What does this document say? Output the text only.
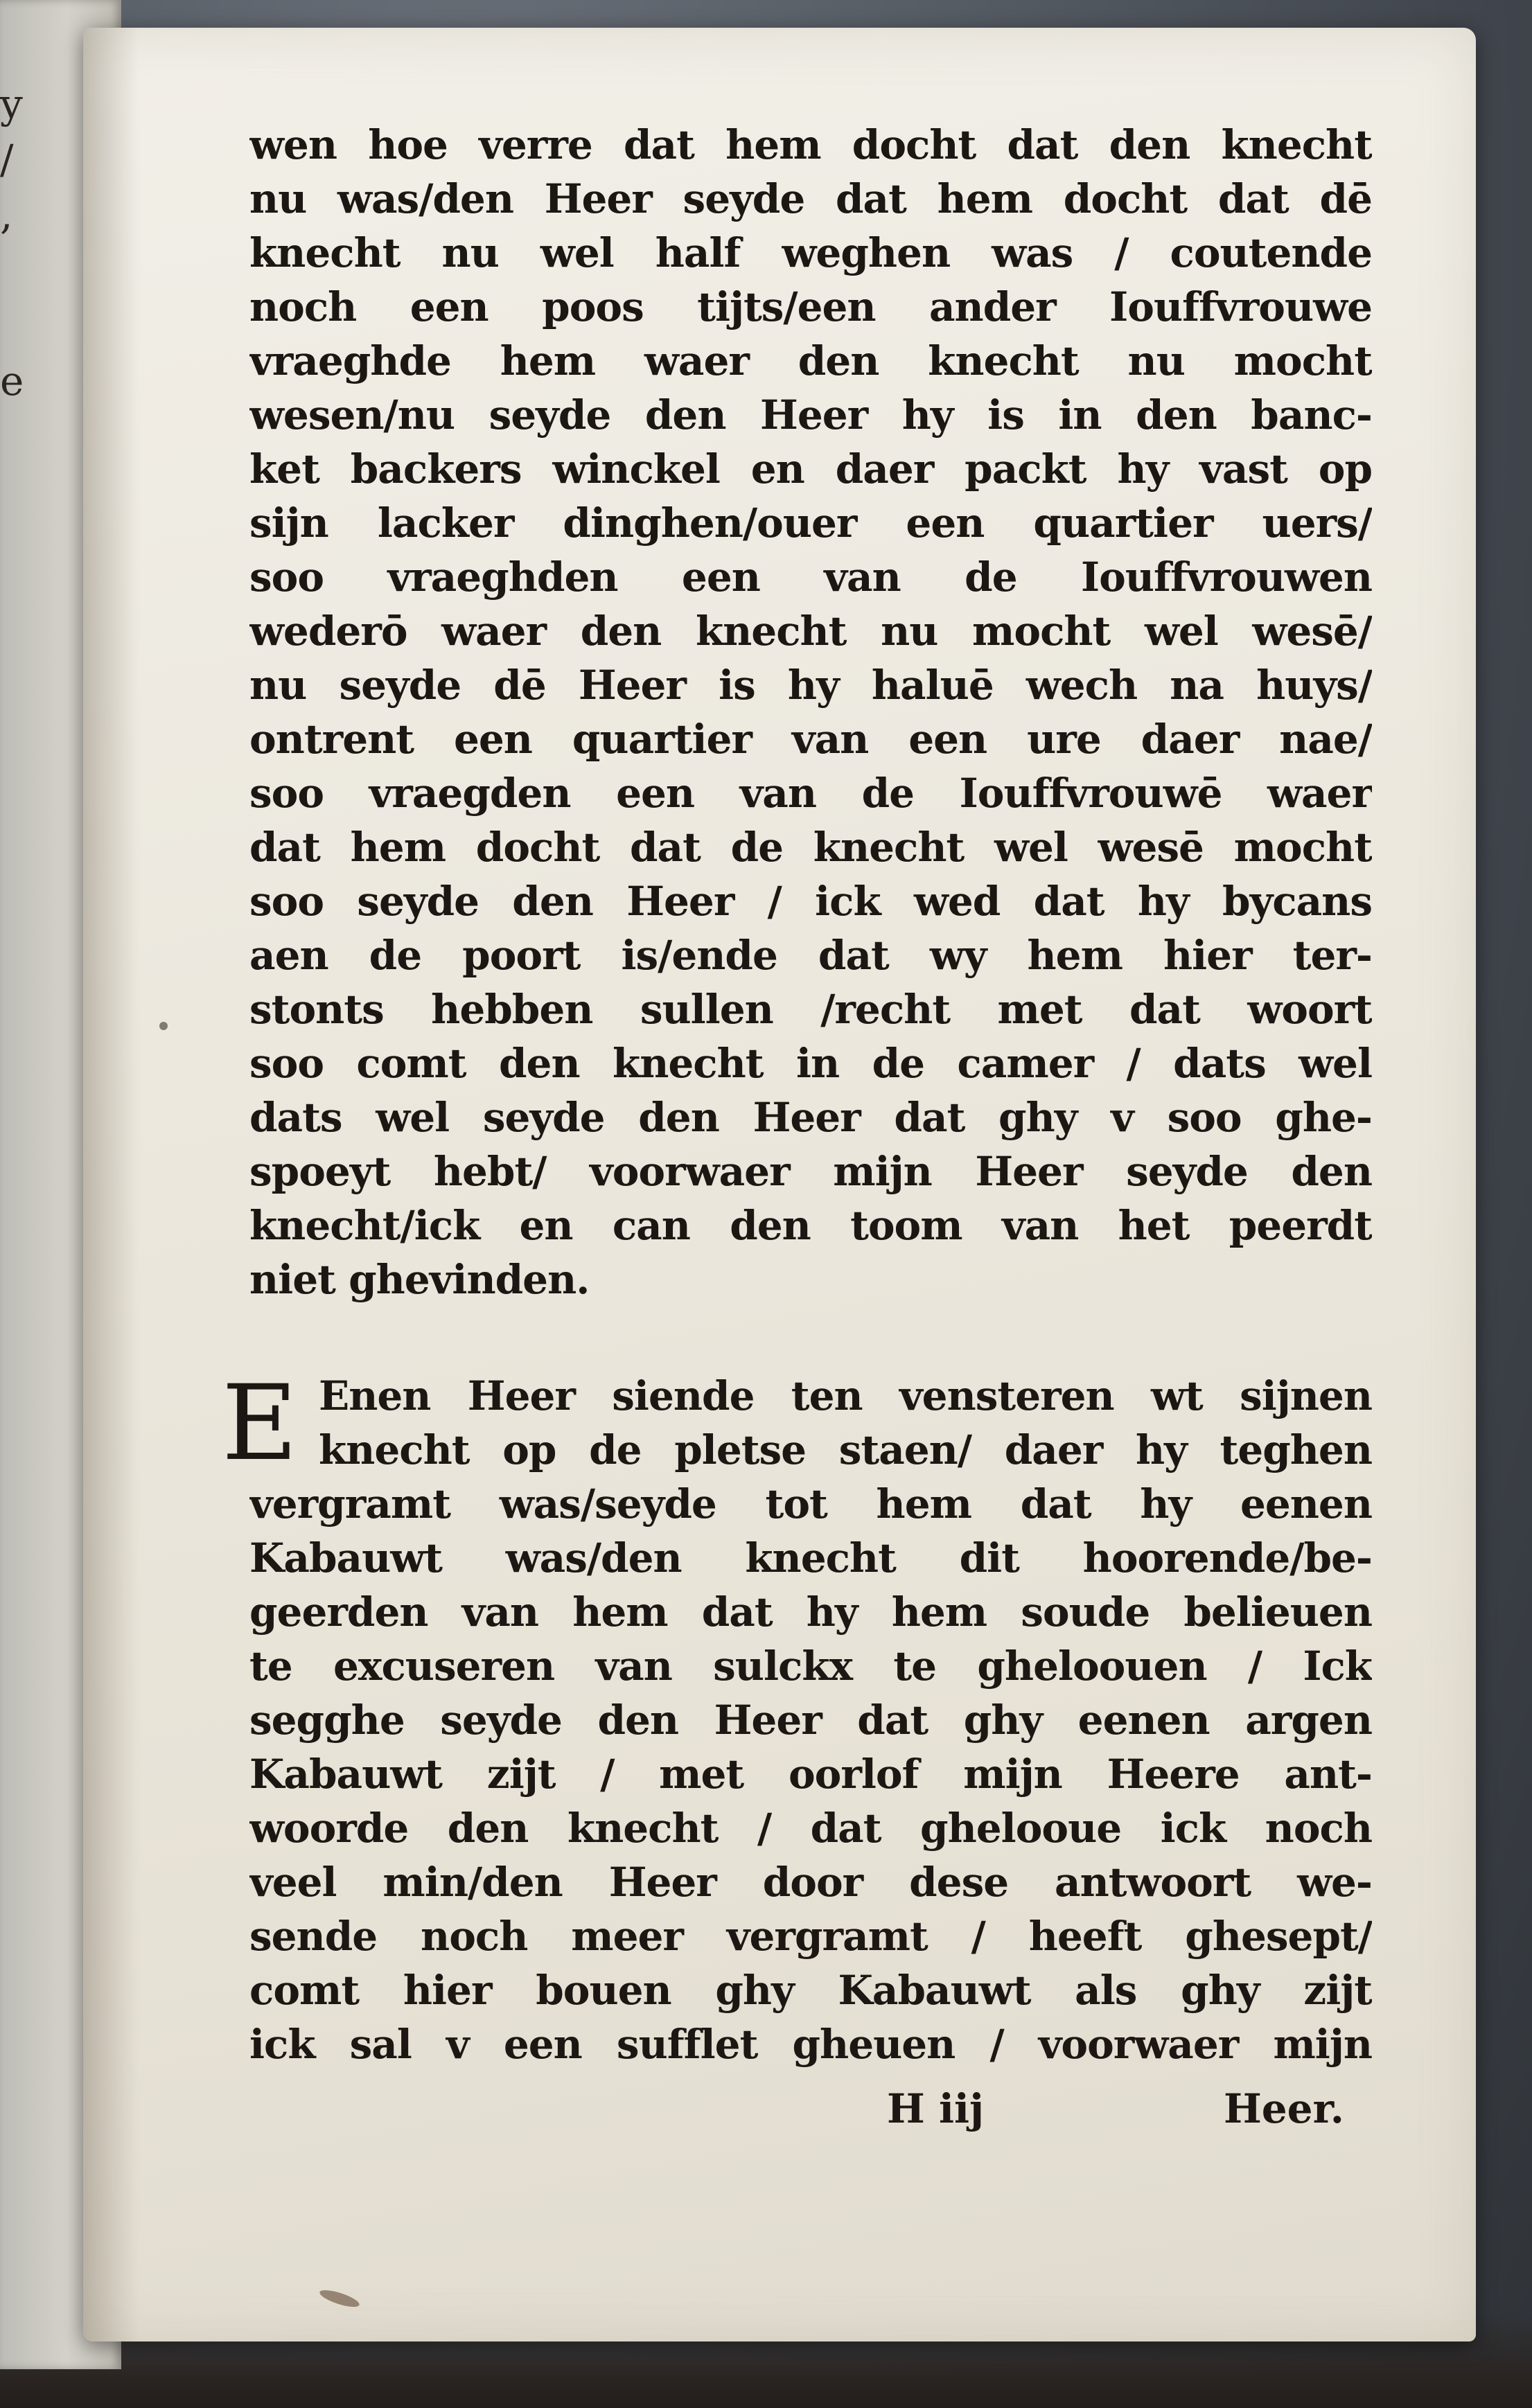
y
/
,
e
wen hoe verre dat hem docht dat den knecht
nu was/den Heer seyde dat hem docht dat dē
knecht nu wel half weghen was / coutende
noch een poos tijts/een ander Iouffvrouwe
vraeghde hem waer den knecht nu mocht
wesen/nu seyde den Heer hy is in den banc-
ket backers winckel en daer packt hy vast op
sijn lacker dinghen/ouer een quartier uers/
soo vraeghden een van de Iouffvrouwen
wederō waer den knecht nu mocht wel wesē/
nu seyde dē Heer is hy haluē wech na huys/
ontrent een quartier van een ure daer nae/
soo vraegden een van de Iouffvrouwē waer
dat hem docht dat de knecht wel wesē mocht
soo seyde den Heer / ick wed dat hy bycans
aen de poort is/ende dat wy hem hier ter-
stonts hebben sullen /recht met dat woort
soo comt den knecht in de camer / dats wel
dats wel seyde den Heer dat ghy v soo ghe-
spoeyt hebt/ voorwaer mijn Heer seyde den
knecht/ick en can den toom van het peerdt
niet ghevinden.
E Enen Heer siende ten vensteren wt sijnen
knecht op de pletse staen/ daer hy teghen
vergramt was/seyde tot hem dat hy eenen
Kabauwt was/den knecht dit hoorende/be-
geerden van hem dat hy hem soude belieuen
te excuseren van sulckx te gheloouen / Ick
segghe seyde den Heer dat ghy eenen argen
Kabauwt zijt / met oorlof mijn Heere ant-
woorde den knecht / dat ghelooue ick noch
veel min/den Heer door dese antwoort we-
sende noch meer vergramt / heeft ghesept/
comt hier bouen ghy Kabauwt als ghy zijt
ick sal v een sufflet gheuen / voorwaer mijn
H iij	Heer.
